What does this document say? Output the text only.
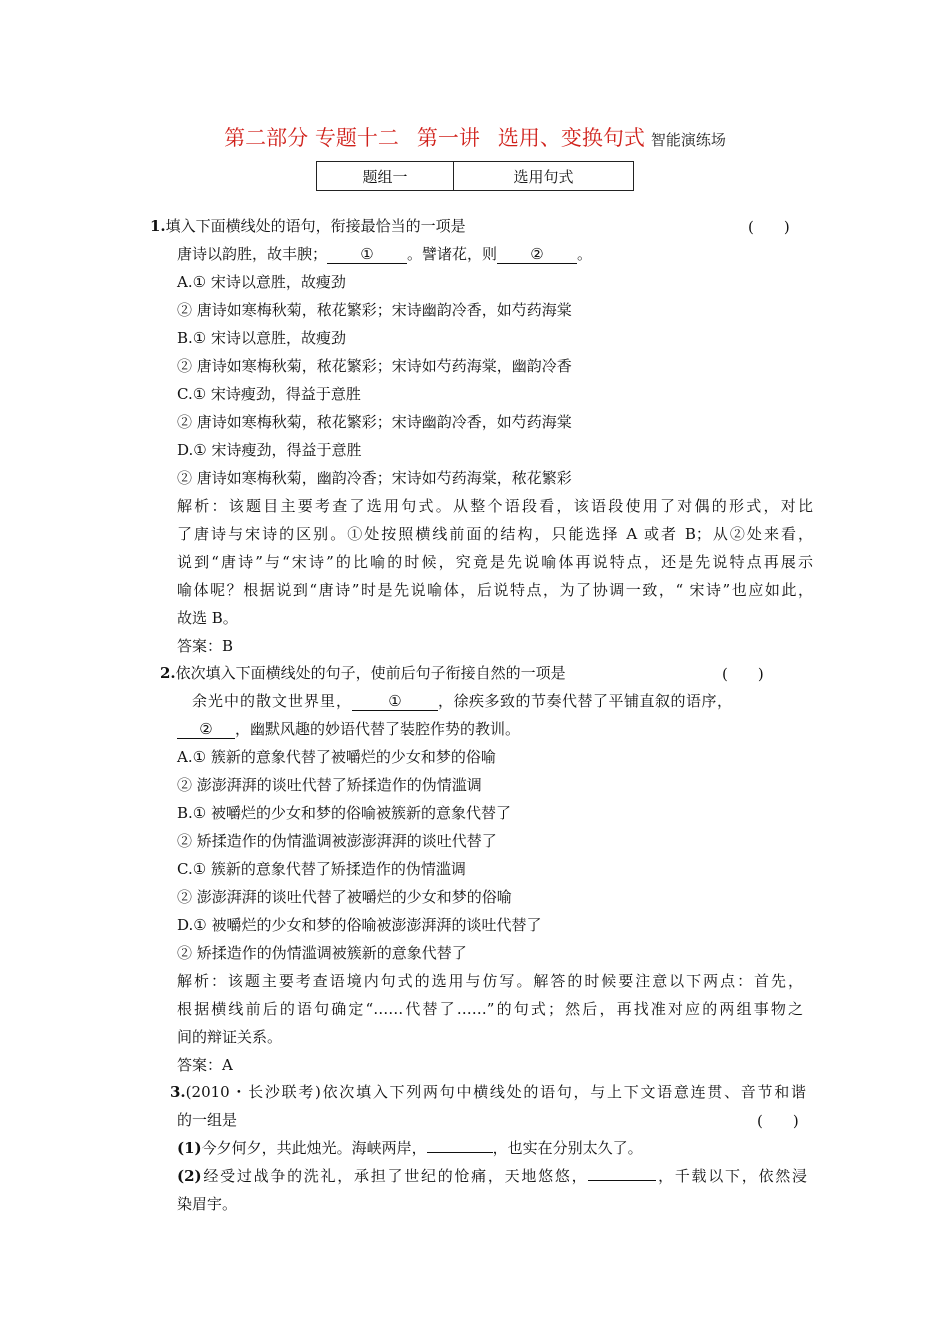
第二部分 专题十二 第一讲 选用、变换句式 智能演练场
题组一	选用句式
1.填入下面横线处的语句，衔接最恰当的一项是	(　　)
唐诗以韵胜，故丰腴； ① 。譬诸花，则 ② 。
A.① 宋诗以意胜，故瘦劲
② 唐诗如寒梅秋菊，秾花繁彩；宋诗幽韵冷香，如芍药海棠
B.① 宋诗以意胜，故瘦劲
② 唐诗如寒梅秋菊，秾花繁彩；宋诗如芍药海棠，幽韵冷香
C.① 宋诗瘦劲，得益于意胜
② 唐诗如寒梅秋菊，秾花繁彩；宋诗幽韵冷香，如芍药海棠
D.① 宋诗瘦劲，得益于意胜
② 唐诗如寒梅秋菊，幽韵冷香；宋诗如芍药海棠，秾花繁彩
解析：该题目主要考查了选用句式。从整个语段看，该语段使用了对偶的形式，对比
了唐诗与宋诗的区别。①处按照横线前面的结构，只能选择 A 或者 B；从②处来看，
说到“唐诗”与“宋诗”的比喻的时候，究竟是先说喻体再说特点，还是先说特点再展示
喻体呢？根据说到“唐诗”时是先说喻体，后说特点，为了协调一致，“ 宋诗”也应如此，
故选 B。
答案：B
2.依次填入下面横线处的句子，使前后句子衔接自然的一项是	(　　)
余光中的散文世界里， ① ，徐疾多致的节奏代替了平铺直叙的语序，
② ，幽默风趣的妙语代替了装腔作势的教训。
A.① 簇新的意象代替了被嚼烂的少女和梦的俗喻
② 澎澎湃湃的谈吐代替了矫揉造作的伪情滥调
B.① 被嚼烂的少女和梦的俗喻被簇新的意象代替了
② 矫揉造作的伪情滥调被澎澎湃湃的谈吐代替了
C.① 簇新的意象代替了矫揉造作的伪情滥调
② 澎澎湃湃的谈吐代替了被嚼烂的少女和梦的俗喻
D.① 被嚼烂的少女和梦的俗喻被澎澎湃湃的谈吐代替了
② 矫揉造作的伪情滥调被簇新的意象代替了
解析：该题主要考查语境内句式的选用与仿写。解答的时候要注意以下两点：首先，
根据横线前后的语句确定“……代替了……”的句式；然后，再找准对应的两组事物之
间的辩证关系。
答案：A
3.(2010・长沙联考)依次填入下列两句中横线处的语句，与上下文语意连贯、音节和谐
的一组是	(　　)
(1)今夕何夕，共此烛光。海峡两岸，	，也实在分别太久了。
(2)经受过战争的洗礼，承担了世纪的怆痛，天地悠悠，	，千载以下，依然浸
染眉宇。
